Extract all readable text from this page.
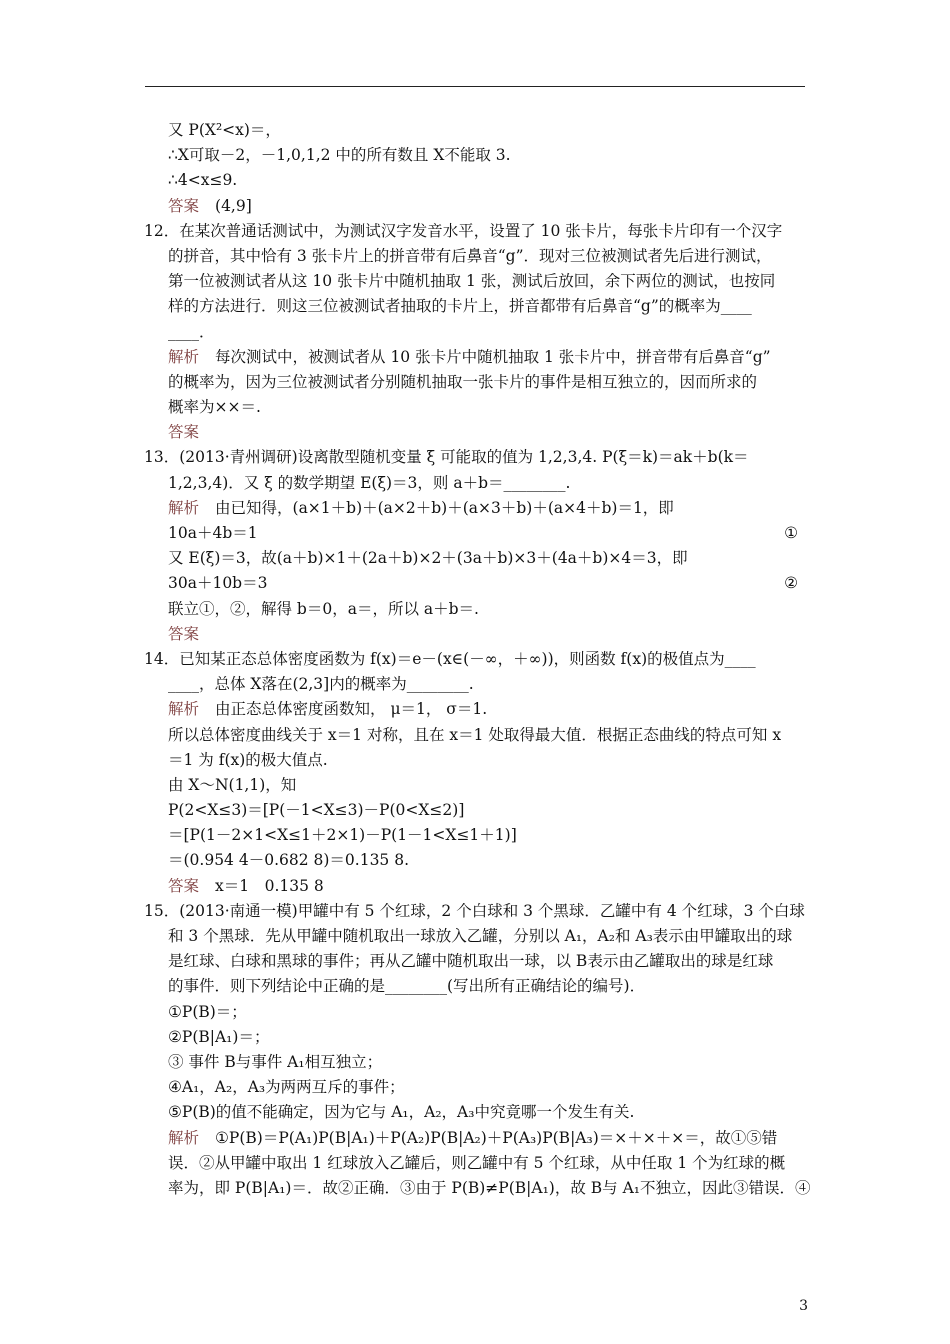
又 P(X²<x)＝，
∴X可取－2，－1,0,1,2 中的所有数且 X不能取 3.
∴4<x≤9.
答案 (4,9]
12．在某次普通话测试中，为测试汉字发音水平，设置了 10 张卡片，每张卡片印有一个汉字
的拼音，其中恰有 3 张卡片上的拼音带有后鼻音“g”．现对三位被测试者先后进行测试，
第一位被测试者从这 10 张卡片中随机抽取 1 张，测试后放回，余下两位的测试，也按同
样的方法进行．则这三位被测试者抽取的卡片上，拼音都带有后鼻音“g”的概率为____
____．
解析 每次测试中，被测试者从 10 张卡片中随机抽取 1 张卡片中，拼音带有后鼻音“g”
的概率为，因为三位被测试者分别随机抽取一张卡片的事件是相互独立的，因而所求的
概率为××＝.
答案
13．(2013·青州调研)设离散型随机变量 ξ 可能取的值为 1,2,3,4. P(ξ＝k)＝ak＋b(k＝
1,2,3,4)．又 ξ 的数学期望 E(ξ)＝3，则 a＋b＝________.
解析 由已知得，(a×1＋b)＋(a×2＋b)＋(a×3＋b)＋(a×4＋b)＝1，即
10a＋4b＝1	①
又 E(ξ)＝3，故(a＋b)×1＋(2a＋b)×2＋(3a＋b)×3＋(4a＋b)×4＝3，即
30a＋10b＝3	②
联立①，②，解得 b＝0，a＝，所以 a＋b＝.
答案
14．已知某正态总体密度函数为 f(x)＝e－(x∈(－∞，＋∞))，则函数 f(x)的极值点为____
____，总体 X落在(2,3]内的概率为________.
解析 由正态总体密度函数知， μ＝1， σ＝1.
所以总体密度曲线关于 x＝1 对称，且在 x＝1 处取得最大值．根据正态曲线的特点可知 x
＝1 为 f(x)的极大值点.
由 X～N(1,1)，知
P(2<X≤3)＝[P(－1<X≤3)－P(0<X≤2)]
＝[P(1－2×1<X≤1＋2×1)－P(1－1<X≤1＋1)]
＝(0.954 4－0.682 8)＝0.135 8.
答案 x＝1　0.135 8
15．(2013·南通一模)甲罐中有 5 个红球，2 个白球和 3 个黑球．乙罐中有 4 个红球，3 个白球
和 3 个黑球．先从甲罐中随机取出一球放入乙罐，分别以 A₁，A₂和 A₃表示由甲罐取出的球
是红球、白球和黑球的事件；再从乙罐中随机取出一球，以 B表示由乙罐取出的球是红球
的事件．则下列结论中正确的是________(写出所有正确结论的编号)．
①P(B)＝；
②P(B|A₁)＝；
③ 事件 B与事件 A₁相互独立；
④A₁，A₂，A₃为两两互斥的事件；
⑤P(B)的值不能确定，因为它与 A₁，A₂，A₃中究竟哪一个发生有关.
解析 ①P(B)＝P(A₁)P(B|A₁)＋P(A₂)P(B|A₂)＋P(A₃)P(B|A₃)＝×＋×＋×＝，故①⑤错
误．②从甲罐中取出 1 红球放入乙罐后，则乙罐中有 5 个红球，从中任取 1 个为红球的概
率为，即 P(B|A₁)＝．故②正确．③由于 P(B)≠P(B|A₁)，故 B与 A₁不独立，因此③错误．④
3
